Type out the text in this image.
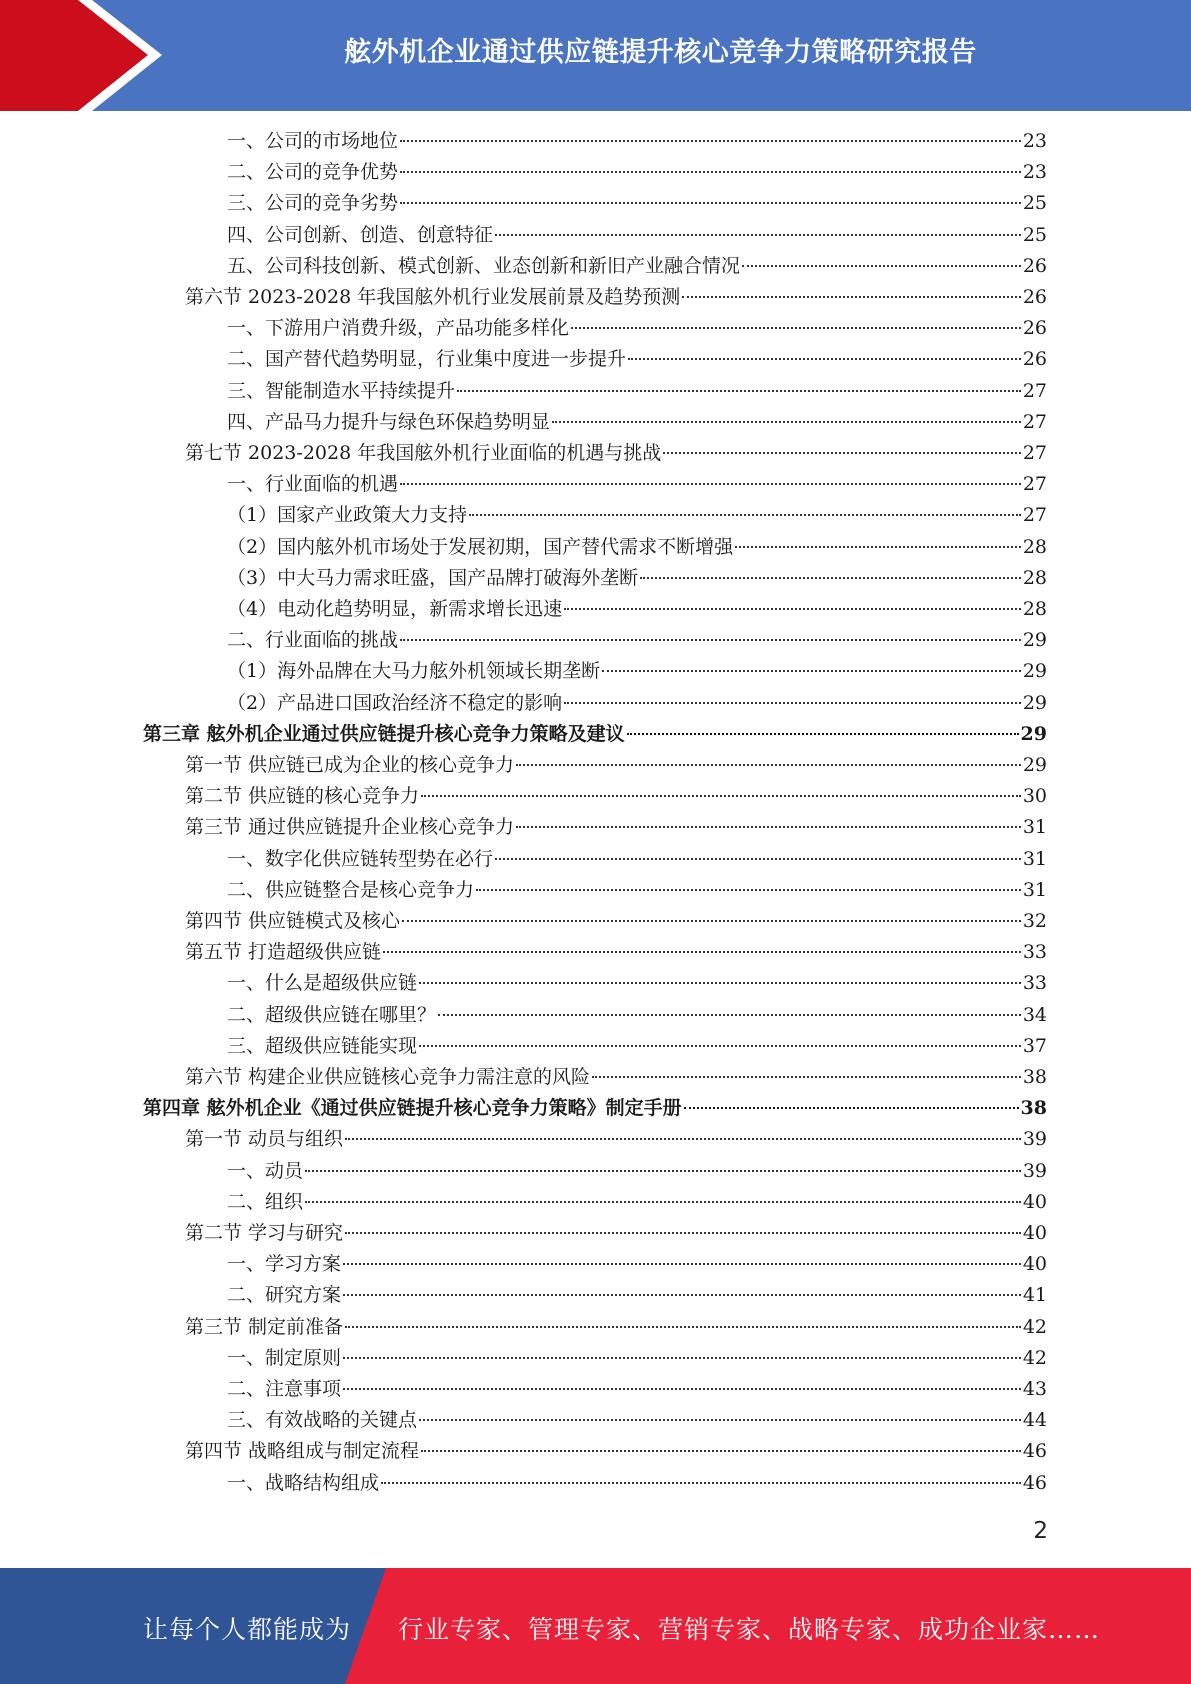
舷外机企业通过供应链提升核心竞争力策略研究报告
一、公司的市场地位	23
二、公司的竞争优势	23
三、公司的竞争劣势	25
四、公司创新、创造、创意特征	25
五、公司科技创新、模式创新、业态创新和新旧产业融合情况	26
第六节 2023-2028 年我国舷外机行业发展前景及趋势预测	26
一、下游用户消费升级，产品功能多样化	26
二、国产替代趋势明显，行业集中度进一步提升	26
三、智能制造水平持续提升	27
四、产品马力提升与绿色环保趋势明显	27
第七节 2023-2028 年我国舷外机行业面临的机遇与挑战	27
一、行业面临的机遇	27
（1）国家产业政策大力支持	27
（2）国内舷外机市场处于发展初期，国产替代需求不断增强	28
（3）中大马力需求旺盛，国产品牌打破海外垄断	28
（4）电动化趋势明显，新需求增长迅速	28
二、行业面临的挑战	29
（1）海外品牌在大马力舷外机领域长期垄断	29
（2）产品进口国政治经济不稳定的影响	29
第三章 舷外机企业通过供应链提升核心竞争力策略及建议	29
第一节 供应链已成为企业的核心竞争力	29
第二节 供应链的核心竞争力	30
第三节 通过供应链提升企业核心竞争力	31
一、数字化供应链转型势在必行	31
二、供应链整合是核心竞争力	31
第四节 供应链模式及核心	32
第五节 打造超级供应链	33
一、什么是超级供应链	33
二、超级供应链在哪里？	34
三、超级供应链能实现	37
第六节 构建企业供应链核心竞争力需注意的风险	38
第四章 舷外机企业《通过供应链提升核心竞争力策略》制定手册	38
第一节 动员与组织	39
一、动员	39
二、组织	40
第二节 学习与研究	40
一、学习方案	40
二、研究方案	41
第三节 制定前准备	42
一、制定原则	42
二、注意事项	43
三、有效战略的关键点	44
第四节 战略组成与制定流程	46
一、战略结构组成	46
2
让每个人都能成为 行业专家、管理专家、营销专家、战略专家、成功企业家……
